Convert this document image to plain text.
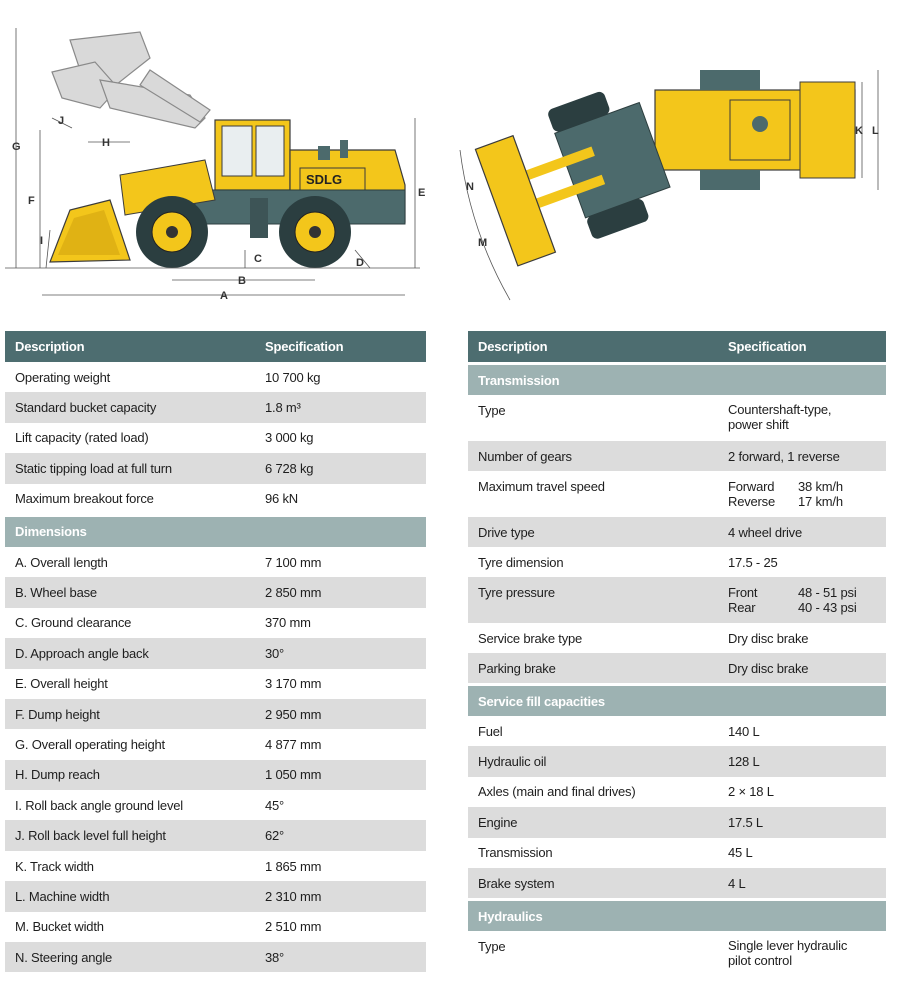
SDLG
A
B
C	D
E
F
G	H
I
J
K L
M
N
Description	Specification
Operating weight	10 700 kg
Standard bucket capacity	1.8 m³
Lift capacity (rated load)	3 000 kg
Static tipping load at full turn	6 728 kg
Maximum breakout force	96 kN
Dimensions
A. Overall length	7 100 mm
B. Wheel base	2 850 mm
C. Ground clearance	370 mm
D. Approach angle back	30°
E. Overall height	3 170 mm
F. Dump height	2 950 mm
G. Overall operating height	4 877 mm
H. Dump reach	1 050 mm
I. Roll back angle ground level	45°
J. Roll back level full height	62°
K. Track width	1 865 mm
L. Machine width	2 310 mm
M. Bucket width	2 510 mm
N. Steering angle	38°
Description	Specification
Transmission
Type	Countershaft-type,
power shift
Number of gears	2 forward, 1 reverse
Maximum travel speed	Forward	38 km/h
Reverse	17 km/h
Drive type	4 wheel drive
Tyre dimension	17.5 - 25
Tyre pressure	Front	48 - 51 psi
Rear	40 - 43 psi
Service brake type	Dry disc brake
Parking brake	Dry disc brake
Service fill capacities
Fuel	140 L
Hydraulic oil	128 L
Axles (main and final drives)	2 × 18 L
Engine	17.5 L
Transmission	45 L
Brake system	4 L
Hydraulics
Type	Single lever hydraulic
pilot control
